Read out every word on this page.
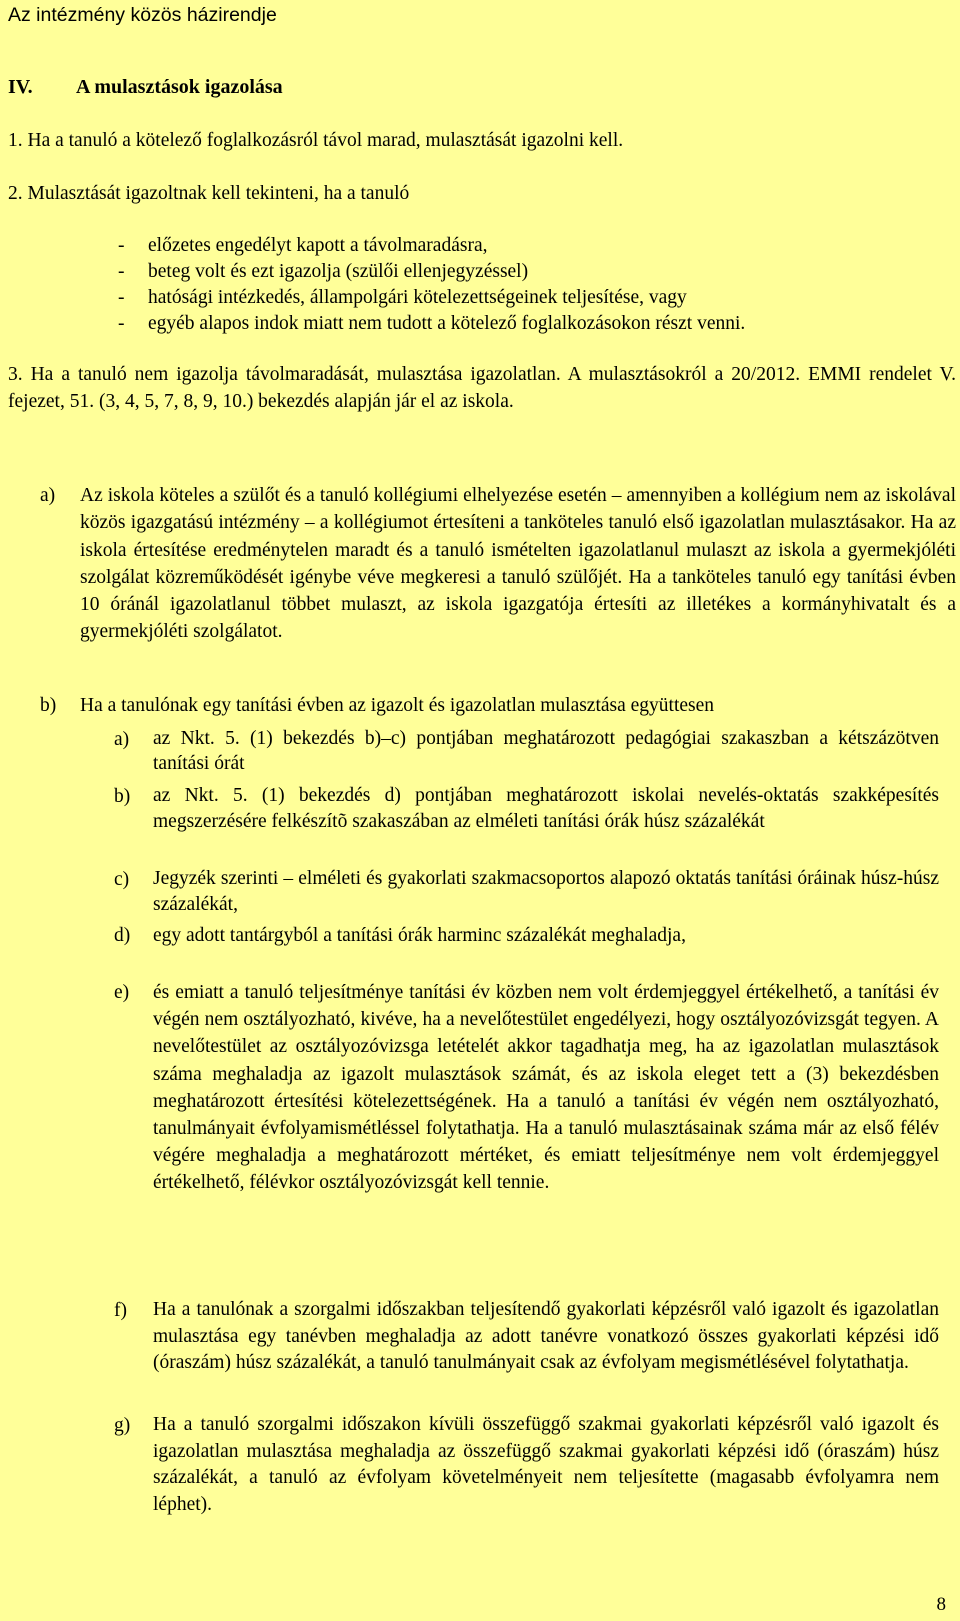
Az intézmény közös házirendje
IV. A mulasztások igazolása

1. Ha a tanuló a kötelező foglalkozásról távol marad, mulasztását igazolni kell.

2. Mulasztását igazoltnak kell tekinteni, ha a tanuló

- előzetes engedélyt kapott a távolmaradásra,
- beteg volt és ezt igazolja (szülői ellenjegyzéssel)
- hatósági intézkedés, állampolgári kötelezettségeinek teljesítése, vagy
- egyéb alapos indok miatt nem tudott a kötelező foglalkozásokon részt venni.

3. Ha a tanuló nem igazolja távolmaradását, mulasztása igazolatlan. A mulasztásokról a 20/2012. EMMI rendelet V. fejezet, 51. (3, 4, 5, 7, 8, 9, 10.) bekezdés alapján jár el az iskola.

a) Az iskola köteles a szülőt és a tanuló kollégiumi elhelyezése esetén – amennyiben a kollégium nem az iskolával közös igazgatású intézmény – a kollégiumot értesíteni a tanköteles tanuló első igazolatlan mulasztásakor. Ha az iskola értesítése eredménytelen maradt és a tanuló ismételten igazolatlanul mulaszt az iskola a gyermekjóléti szolgálat közreműködését igénybe véve megkeresi a tanuló szülőjét. Ha a tanköteles tanuló egy tanítási évben 10 óránál igazolatlanul többet mulaszt, az iskola igazgatója értesíti az illetékes a kormányhivatalt és a gyermekjóléti szolgálatot.

b) Ha a tanulónak egy tanítási évben az igazolt és igazolatlan mulasztása együttesen

a) az Nkt. 5. (1) bekezdés b)–c) pontjában meghatározott pedagógiai szakaszban a kétszázötven tanítási órát

b) az Nkt. 5. (1) bekezdés d) pontjában meghatározott iskolai nevelés-oktatás szakképesítés megszerzésére felkészítõ szakaszában az elméleti tanítási órák húsz százalékát

c) Jegyzék szerinti – elméleti és gyakorlati szakmacsoportos alapozó oktatás tanítási óráinak húsz-húsz százalékát,

d) egy adott tantárgyból a tanítási órák harminc százalékát meghaladja,

e) és emiatt a tanuló teljesítménye tanítási év közben nem volt érdemjeggyel értékelhető, a tanítási év végén nem osztályozható, kivéve, ha a nevelőtestület engedélyezi, hogy osztályozóvizsgát tegyen. A nevelőtestület az osztályozóvizsga letételét akkor tagadhatja meg, ha az igazolatlan mulasztások száma meghaladja az igazolt mulasztások számát, és az iskola eleget tett a (3) bekezdésben meghatározott értesítési kötelezettségének. Ha a tanuló a tanítási év végén nem osztályozható, tanulmányait évfolyamismétléssel folytathatja. Ha a tanuló mulasztásainak száma már az első félév végére meghaladja a meghatározott mértéket, és emiatt teljesítménye nem volt érdemjeggyel értékelhető, félévkor osztályozóvizsgát kell tennie.

f) Ha a tanulónak a szorgalmi időszakban teljesítendő gyakorlati képzésről való igazolt és igazolatlan mulasztása egy tanévben meghaladja az adott tanévre vonatkozó összes gyakorlati képzési idő (óraszám) húsz százalékát, a tanuló tanulmányait csak az évfolyam megismétlésével folytathatja.

g) Ha a tanuló szorgalmi időszakon kívüli összefüggő szakmai gyakorlati képzésről való igazolt és igazolatlan mulasztása meghaladja az összefüggő szakmai gyakorlati képzési idő (óraszám) húsz százalékát, a tanuló az évfolyam követelményeit nem teljesítette (magasabb évfolyamra nem léphet).

8
